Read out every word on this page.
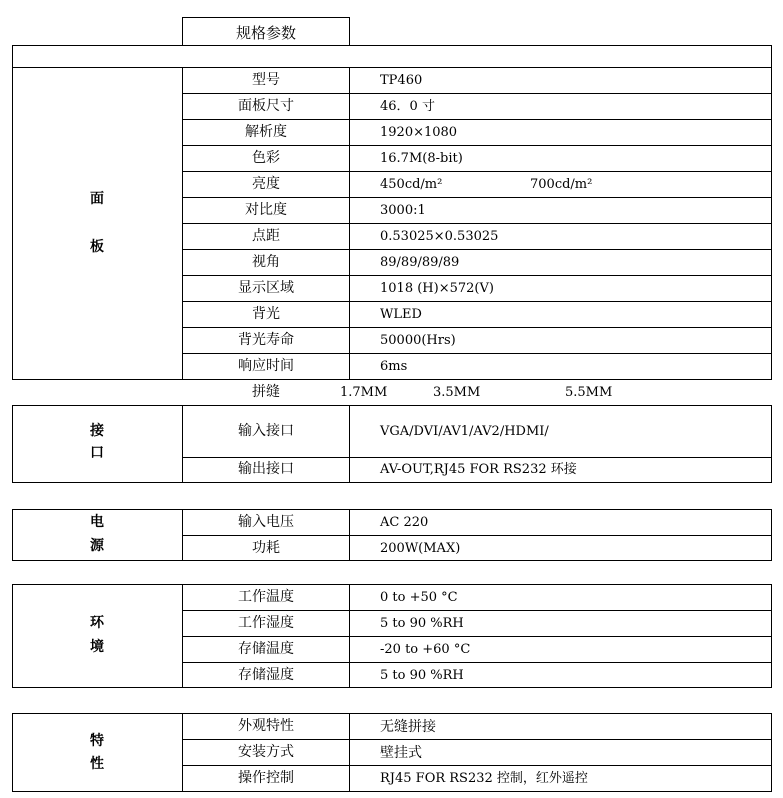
规格参数
面
板
型号	TP460
面板尺寸	46．0 寸
解析度	1920×1080
色彩	16.7M(8-bit)
亮度	450cd/m²	700cd/m²
对比度	3000:1
点距	0.53025×0.53025
视角	89/89/89/89
显示区域	1018 (H)×572(V)
背光	WLED
背光寿命	50000(Hrs)
响应时间	6ms
拼缝	1.7MM	3.5MM	5.5MM
接
口
输入接口	VGA/DVI/AV1/AV2/HDMI/
输出接口	AV-OUT,RJ45 FOR RS232 环接
电
源
输入电压	AC 220
功耗	200W(MAX)
环
境
工作温度	0 to +50 °C
工作湿度	5 to 90 %RH
存储温度	-20 to +60 °C
存储湿度	5 to 90 %RH
特
性
外观特性	无缝拼接
安装方式	壁挂式
操作控制	RJ45 FOR RS232 控制，红外遥控
